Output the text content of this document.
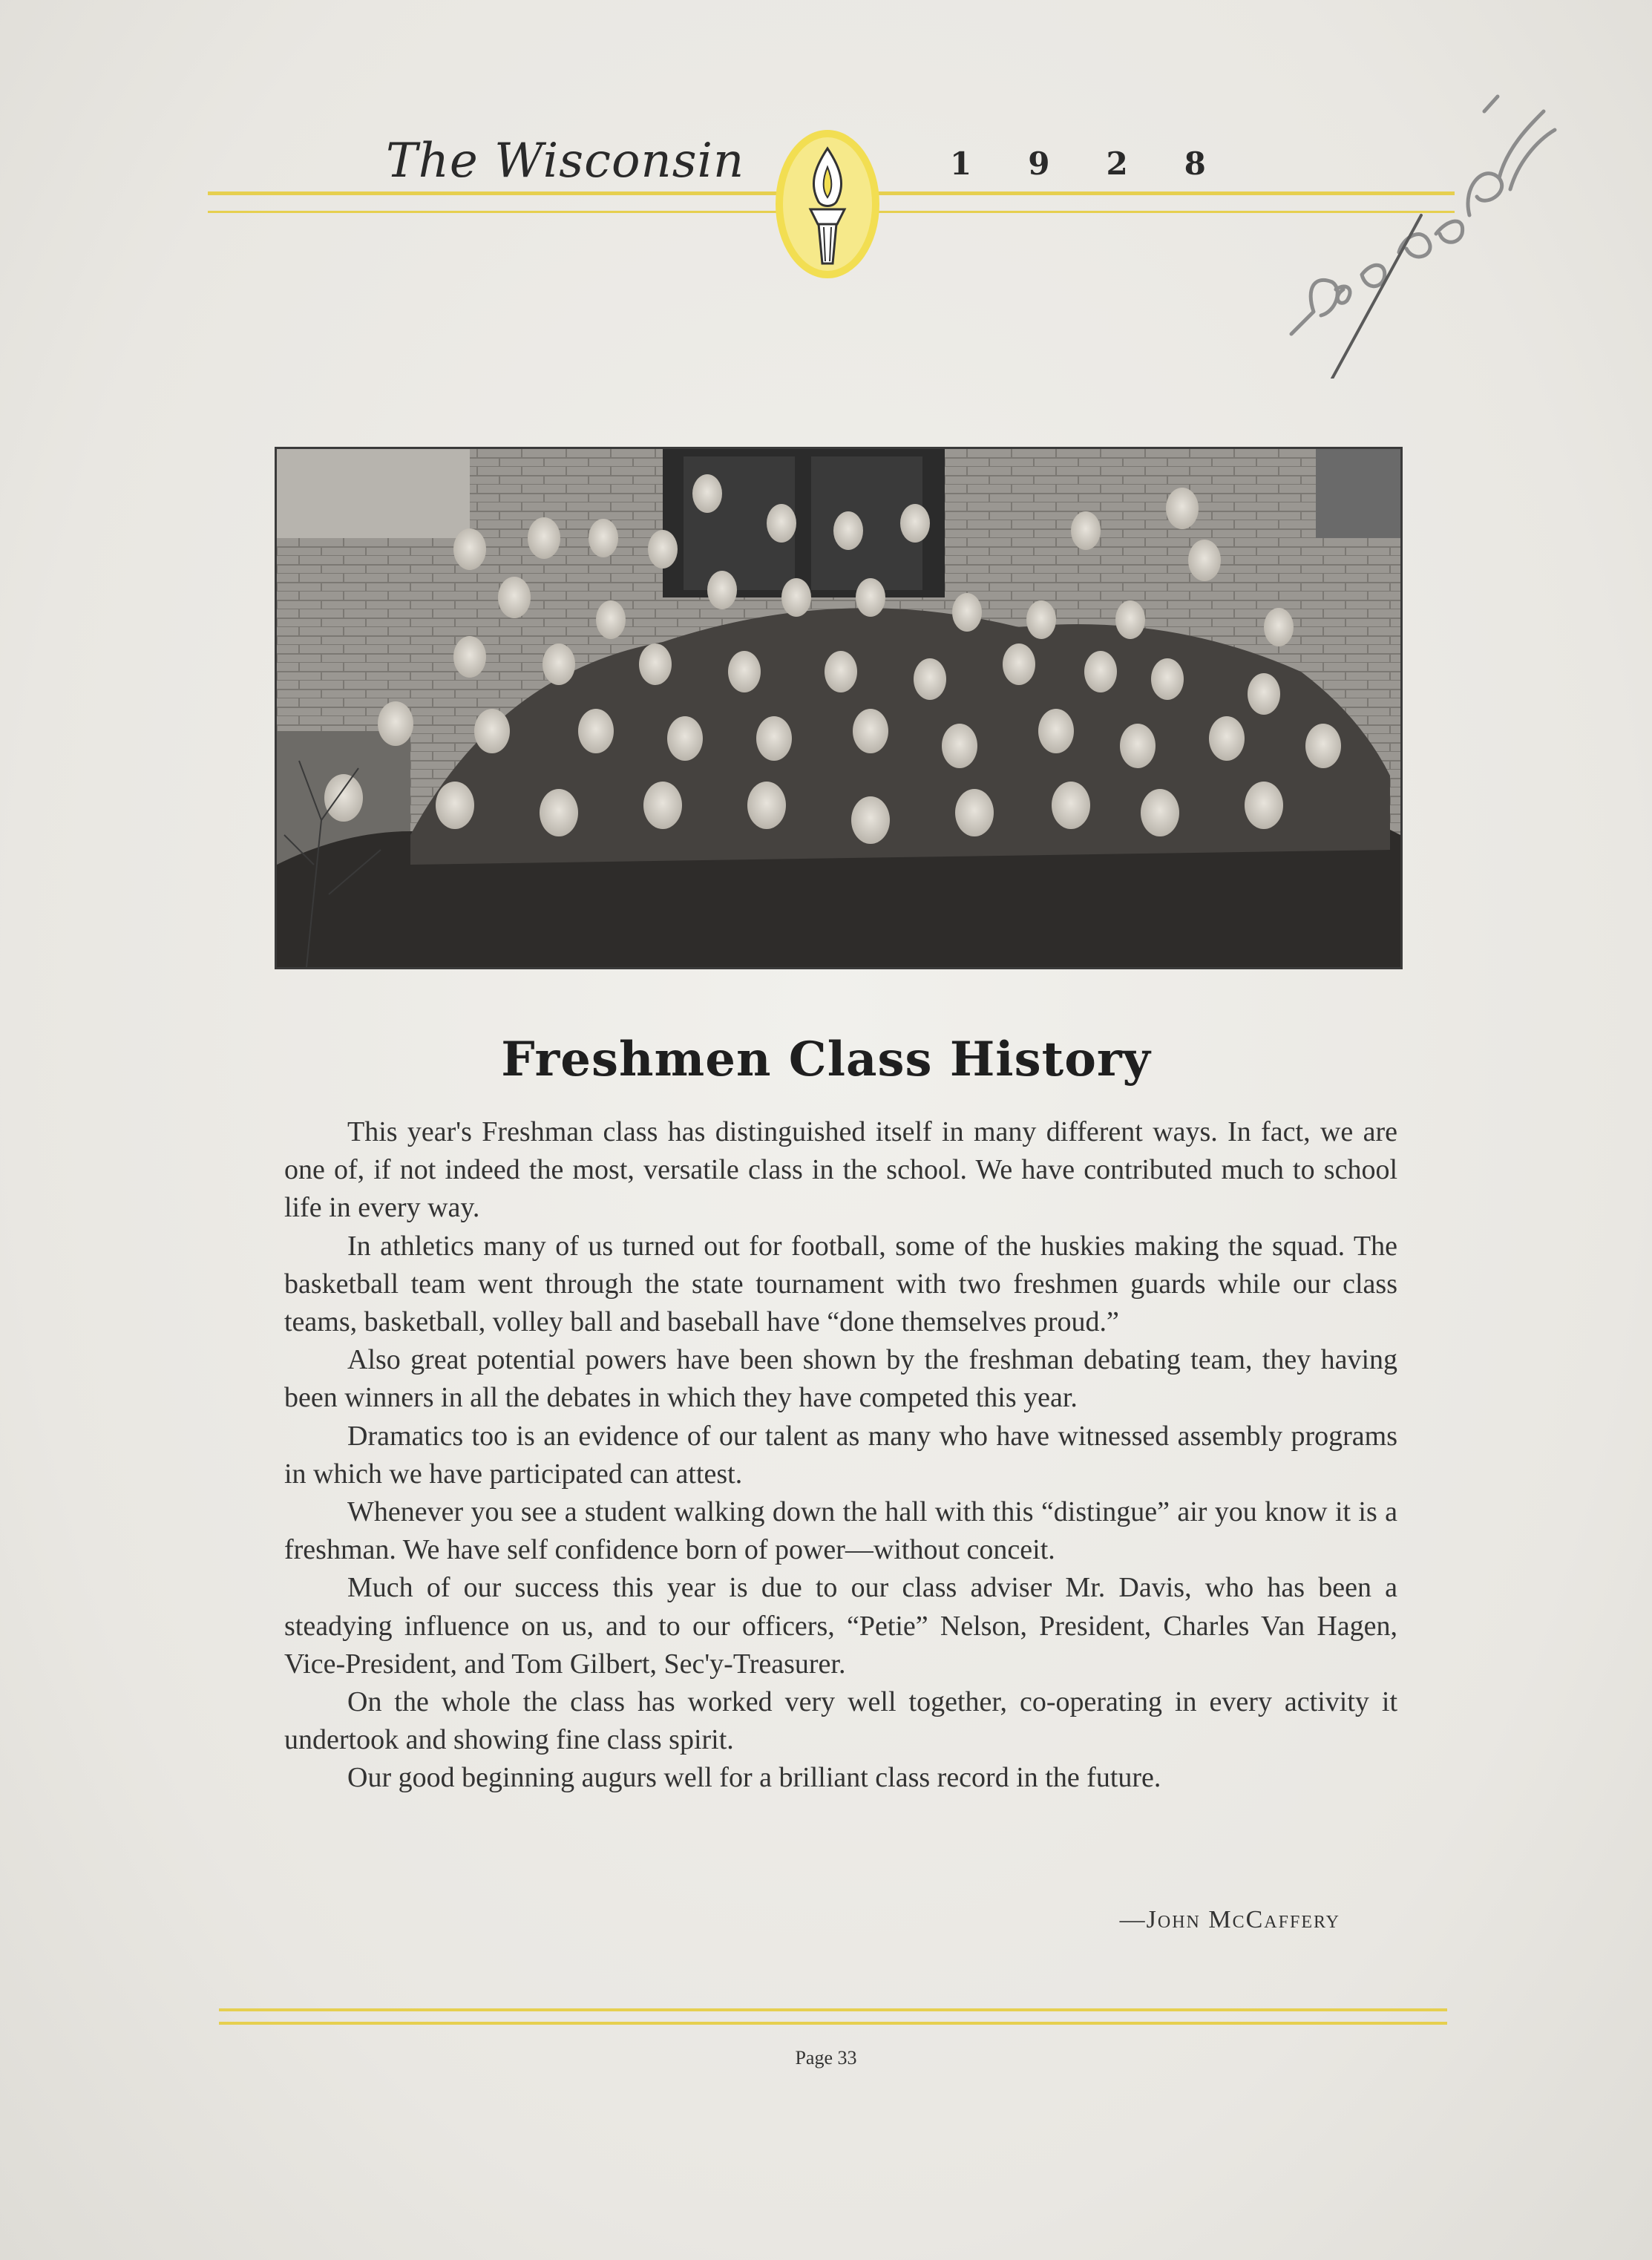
The Wisconsin	1928
Freshmen Class History

This year's Freshman class has distinguished itself in many different ways. In fact, we are one of, if not indeed the most, versatile class in the school. We have contributed much to school life in every way.

In athletics many of us turned out for football, some of the huskies making the squad. The basketball team went through the state tournament with two freshmen guards while our class teams, basketball, volley ball and baseball have “done themselves proud.”

Also great potential powers have been shown by the freshman debating team, they having been winners in all the debates in which they have competed this year.

Dramatics too is an evidence of our talent as many who have witnessed assembly programs in which we have participated can attest.

Whenever you see a student walking down the hall with this “distingue” air you know it is a freshman. We have self confidence born of power—without conceit.

Much of our success this year is due to our class adviser Mr. Davis, who has been a steadying influence on us, and to our officers, “Petie” Nelson, President, Charles Van Hagen, Vice-President, and Tom Gilbert, Sec'y-Treasurer.

On the whole the class has worked very well together, co-operating in every activity it undertook and showing fine class spirit.

Our good beginning augurs well for a brilliant class record in the future.

—John McCaffery
Page 33
